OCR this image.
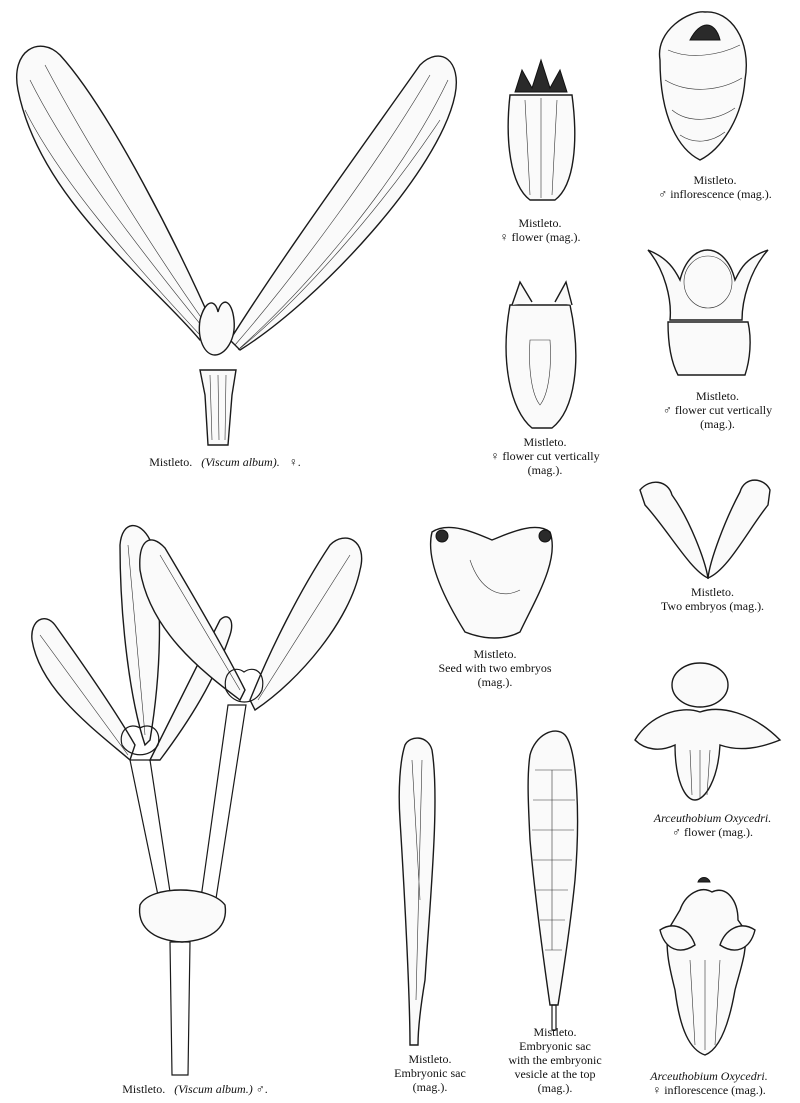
Mistleto. (Viscum album). ♀.
Mistleto.
♀ flower (mag.).
Mistleto.
♂ inflorescence (mag.).
Mistleto.
♀ flower cut vertically
(mag.).
Mistleto.
♂ flower cut vertically
(mag.).
Mistleto.
Two embryos (mag.).
Mistleto.
Seed with two embryos
(mag.).
Mistleto. (Viscum album.) ♂.
Arceuthobium Oxycedri.
♂ flower (mag.).
Mistleto.
Embryonic sac
(mag.).
Mistleto.
Embryonic sac
with the embryonic
vesicle at the top
(mag.).
Arceuthobium Oxycedri.
♀ inflorescence (mag.).
